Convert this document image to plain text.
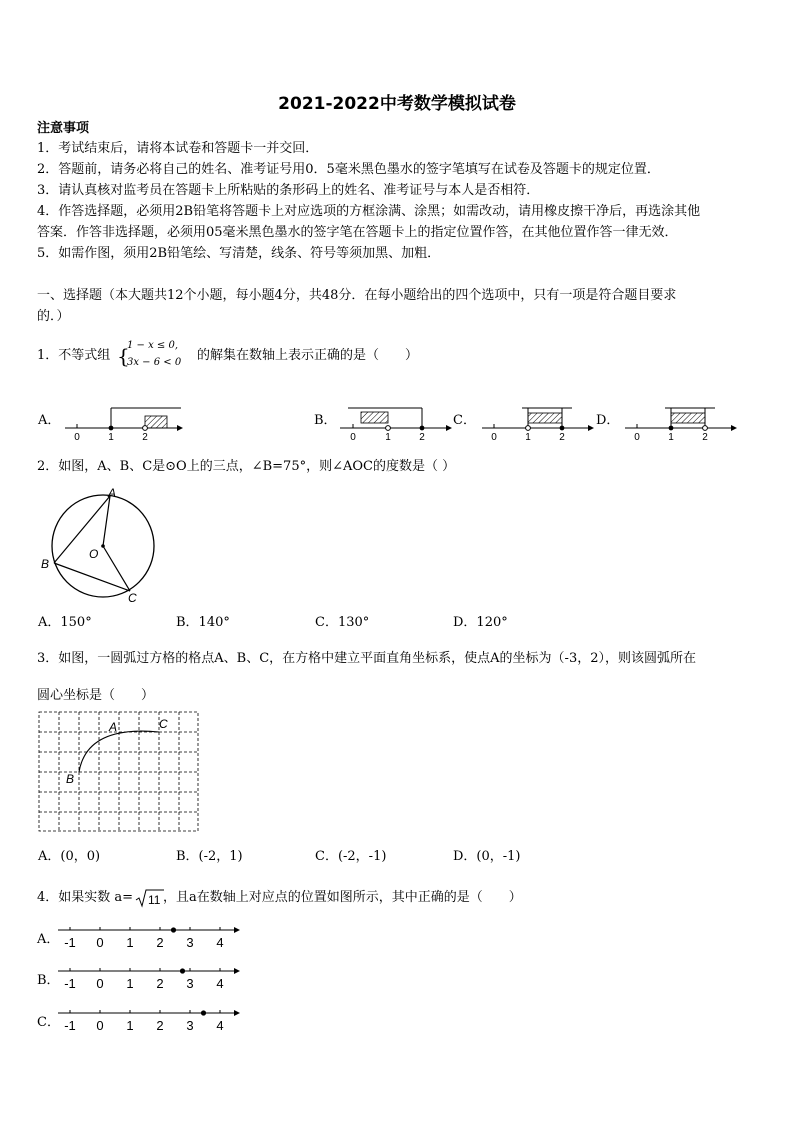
2021-2022中考数学模拟试卷
注意事项
1．考试结束后，请将本试卷和答题卡一并交回．
2．答题前，请务必将自己的姓名、准考证号用0．5毫米黑色墨水的签字笔填写在试卷及答题卡的规定位置．
3．请认真核对监考员在答题卡上所粘贴的条形码上的姓名、准考证号与本人是否相符．
4．作答选择题，必须用2B铅笔将答题卡上对应选项的方框涂满、涂黑；如需改动，请用橡皮擦干净后，再选涂其他
答案．作答非选择题，必须用05毫米黑色墨水的签字笔在答题卡上的指定位置作答，在其他位置作答一律无效．
5．如需作图，须用2B铅笔绘、写清楚，线条、符号等须加黑、加粗．
一、选择题（本大题共12个小题，每小题4分，共48分．在每小题给出的四个选项中，只有一项是符合题目要求
的．）
1．不等式组 {
1 − 𝑥 ≤ 0,
3𝑥 − 6 < 0 的解集在数轴上表示正确的是（　　）
A．	B．	C．	D．
0	1	2	0	1	2	0	1	2	0	1	2
2．如图，A、B、C是⊙O上的三点，∠B=75°，则∠AOC的度数是（ ）
A
B
C
O
A．150°	B．140°	C．130°	D．120°
3．如图，一圆弧过方格的格点A、B、C，在方格中建立平面直角坐标系，使点A的坐标为（-3，2），则该圆弧所在
圆心坐标是（　　）
A	C
B
A．(0，0)	B．(-2，1)	C．(-2，-1)	D．(0，-1)
4．如果实数 a= 11 ，且a在数轴上对应点的位置如图所示，其中正确的是（　　）
A． -1 0 1 2 3 4
B． -1 0 1 2 3 4
C． -1 0 1 2 3 4
